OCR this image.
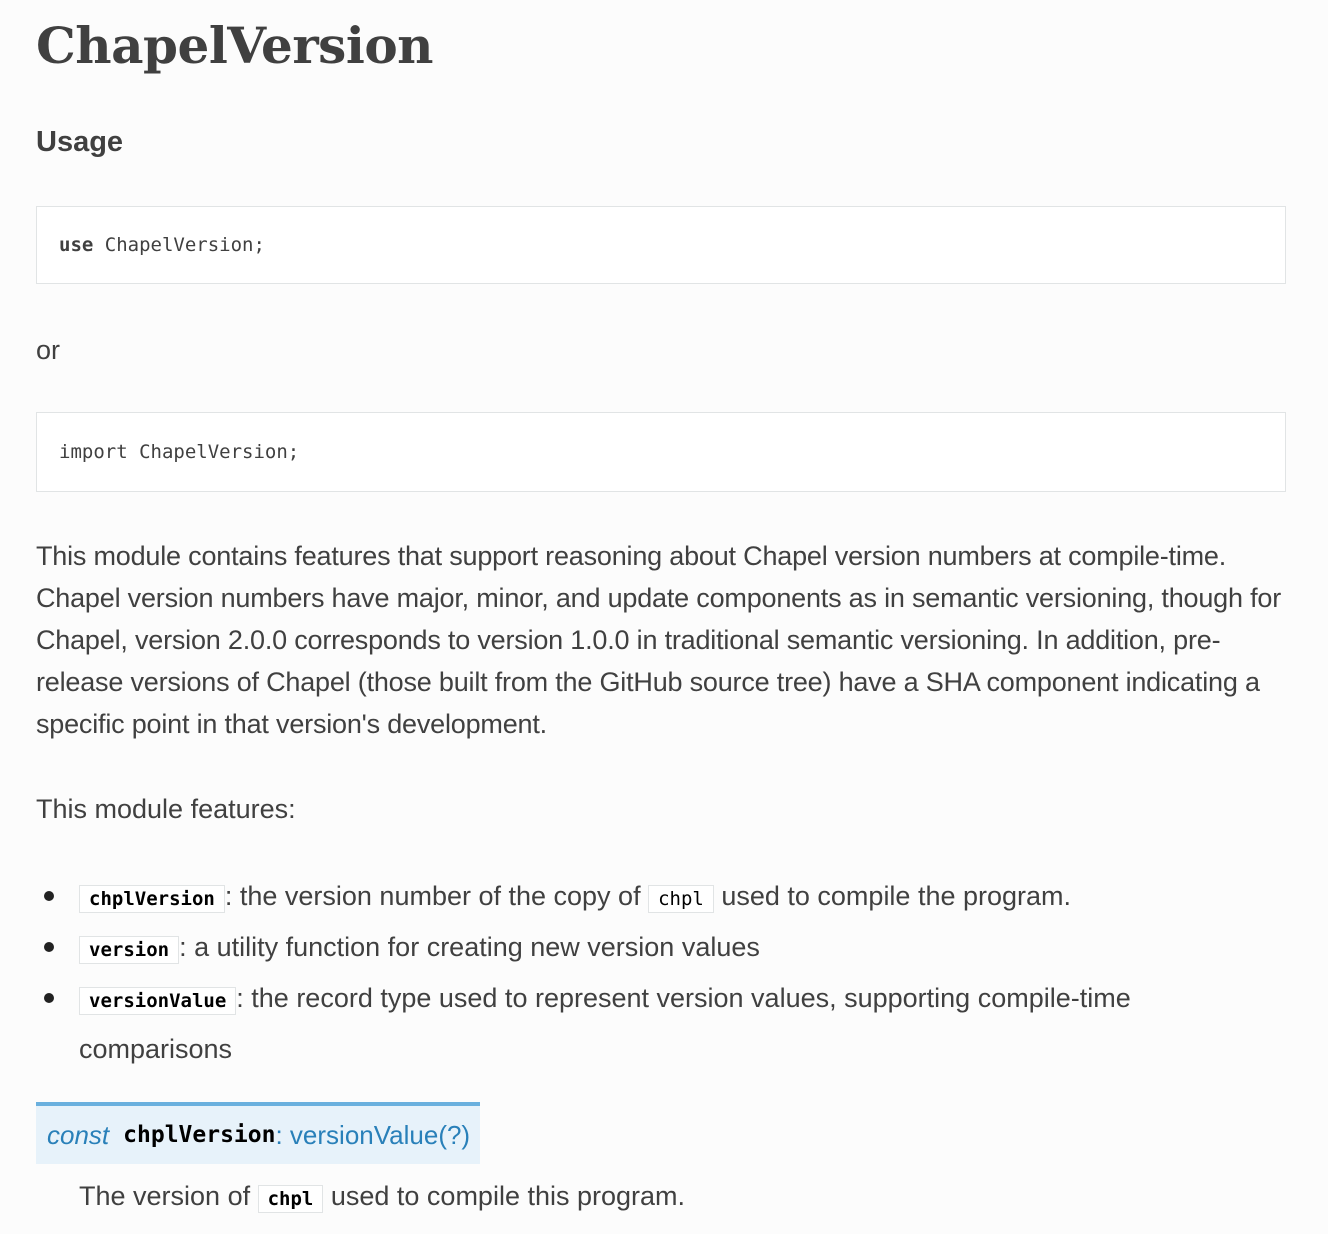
ChapelVersion
Usage
use ChapelVersion;

or

import ChapelVersion;

This module contains features that support reasoning about Chapel version numbers at compile-time. Chapel version numbers have major, minor, and update components as in semantic versioning, though for Chapel, version 2.0.0 corresponds to version 1.0.0 in traditional semantic versioning. In addition, pre-release versions of Chapel (those built from the GitHub source tree) have a SHA component indicating a specific point in that version's development.

This module features:

chplVersion : the version number of the copy of chpl used to compile the program.
version : a utility function for creating new version values
versionValue : the record type used to represent version values, supporting compile-time comparisons
const chplVersion : versionValue(?)

The version of chpl used to compile this program.
